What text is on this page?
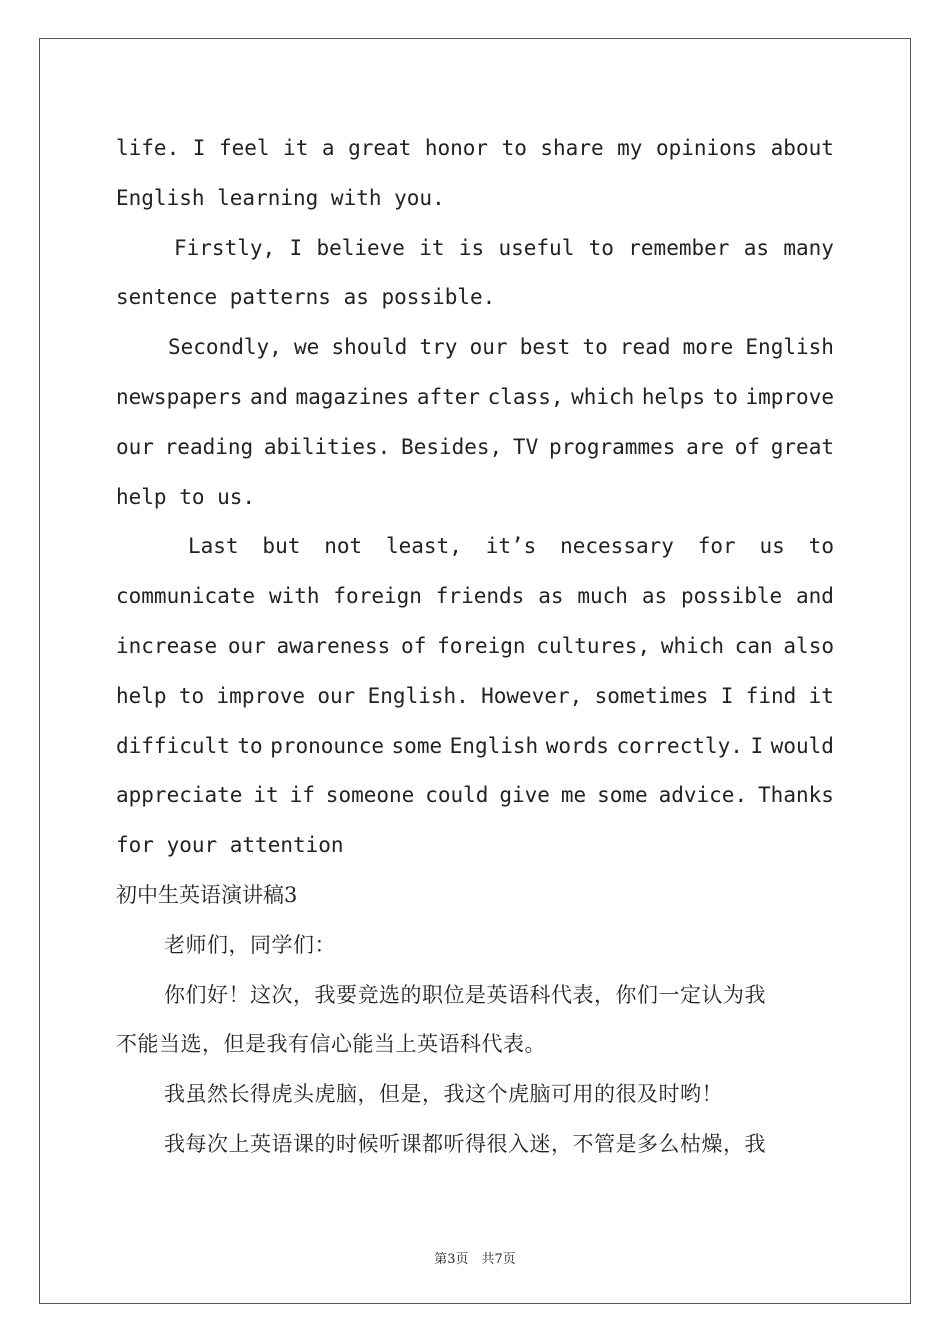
life. I feel it a great honor to share my opinions about
English learning with you.
Firstly, I believe it is useful to remember as many
sentence patterns as possible.
Secondly, we should try our best to read more English
newspapers and magazines after class, which helps to improve
our reading abilities. Besides, TV programmes are of great
help to us.
Last but not least, it’s necessary for us to
communicate with foreign friends as much as possible and
increase our awareness of foreign cultures, which can also
help to improve our English. However, sometimes I find it
difficult to pronounce some English words correctly. I would
appreciate it if someone could give me some advice. Thanks
for your attention
初中生英语演讲稿3
老师们，同学们：
你们好！这次，我要竞选的职位是英语科代表，你们一定认为我
不能当选，但是我有信心能当上英语科代表。
我虽然长得虎头虎脑，但是，我这个虎脑可用的很及时哟！
我每次上英语课的时候听课都听得很入迷，不管是多么枯燥，我
第3页　共7页
